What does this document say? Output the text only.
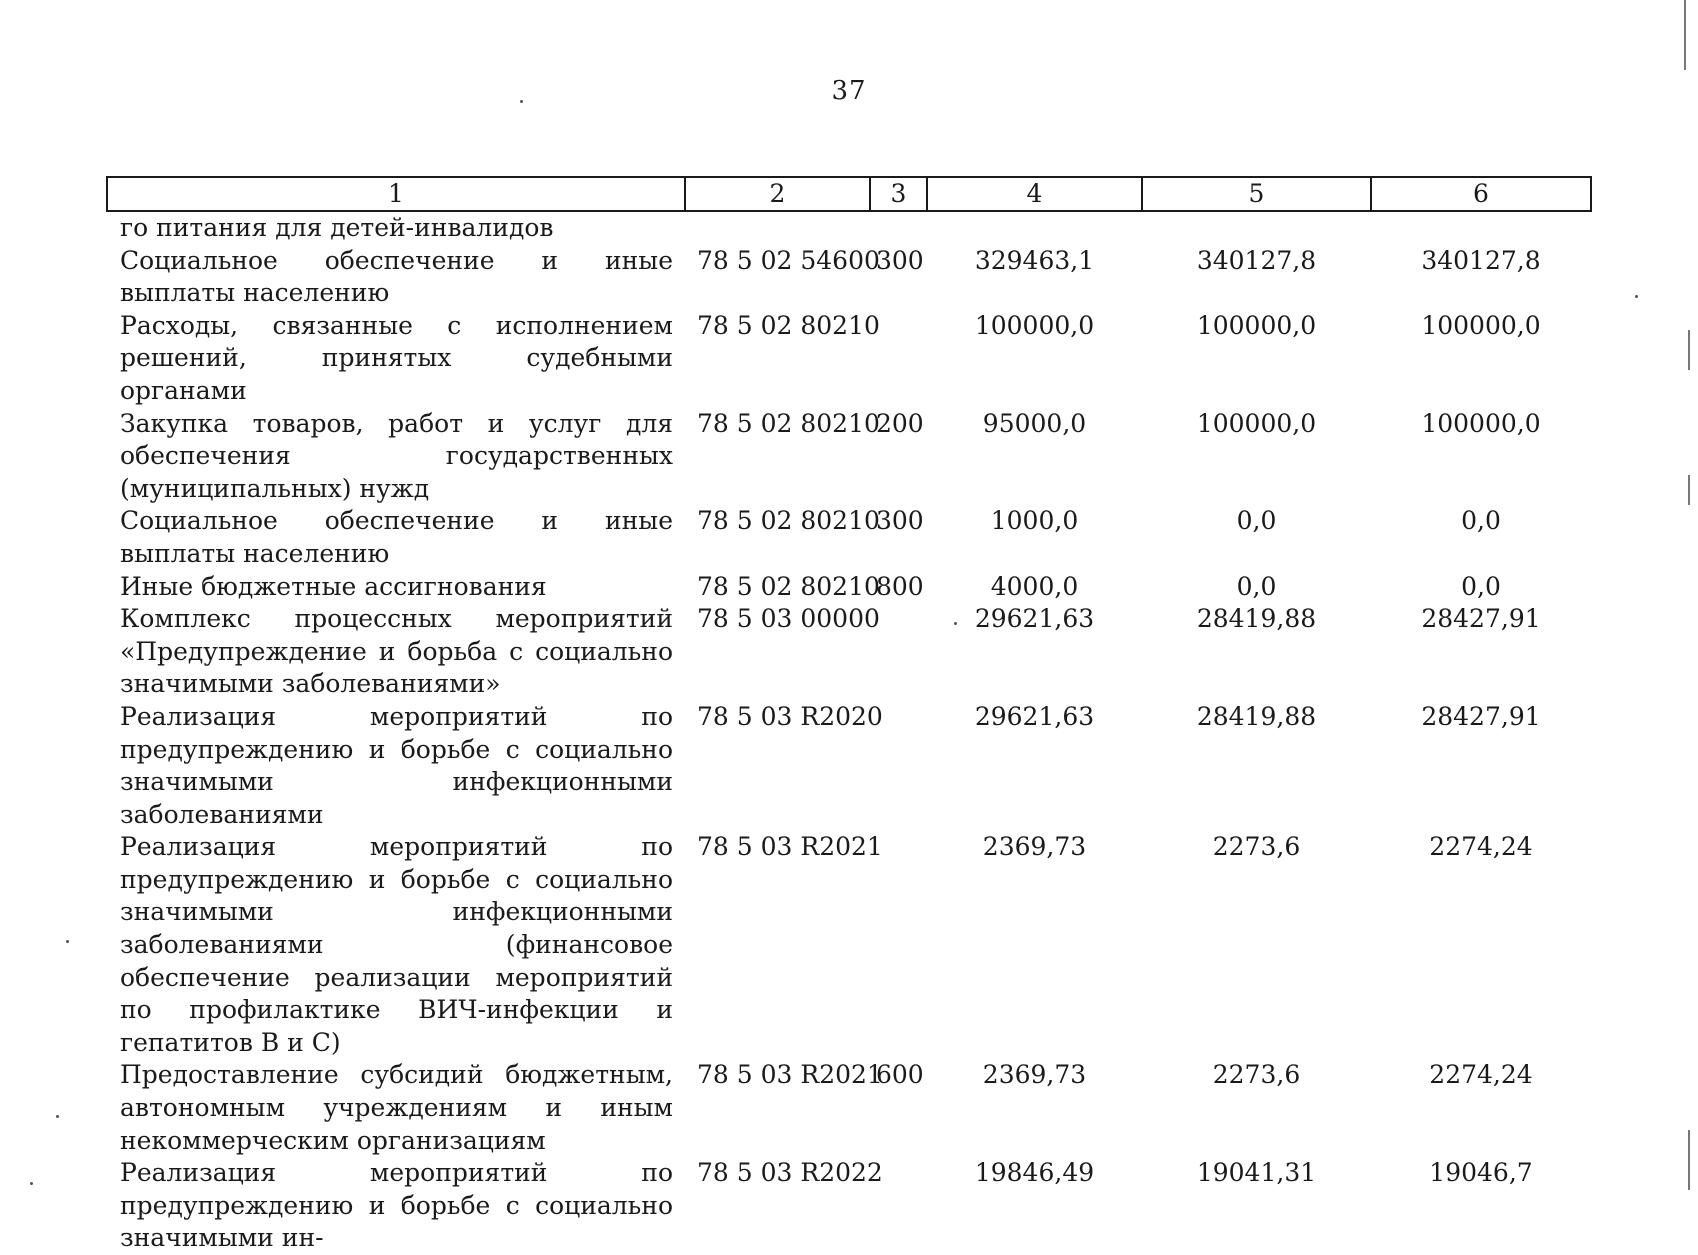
37
1	2	3	4	5	6
го питания для детей-инвалидов					
Социальное обеспечение и иные выплаты населению	78 5 02 54600	300	329463,1	340127,8	340127,8
Расходы, связанные с исполнением решений, принятых судебными органами	78 5 02 80210		100000,0	100000,0	100000,0
Закупка товаров, работ и услуг для обеспечения государственных (муниципальных) нужд	78 5 02 80210	200	95000,0	100000,0	100000,0
Социальное обеспечение и иные выплаты населению	78 5 02 80210	300	1000,0	0,0	0,0
Иные бюджетные ассигнования	78 5 02 80210	800	4000,0	0,0	0,0
Комплекс процессных мероприятий «Предупреждение и борьба с социально значимыми заболеваниями»	78 5 03 00000		29621,63	28419,88	28427,91
Реализация мероприятий по предупреждению и борьбе с социально значимыми инфекционными заболеваниями	78 5 03 R2020		29621,63	28419,88	28427,91
Реализация мероприятий по предупреждению и борьбе с социально значимыми инфекционными заболеваниями (финансовое обеспечение реализации мероприятий по профилактике ВИЧ-инфекции и гепатитов В и С)	78 5 03 R2021		2369,73	2273,6	2274,24
Предоставление субсидий бюджетным, автономным учреждениям и иным некоммерческим организациям	78 5 03 R2021	600	2369,73	2273,6	2274,24
Реализация мероприятий по предупреждению и борьбе с социально значимыми ин-	78 5 03 R2022		19846,49	19041,31	19046,7
